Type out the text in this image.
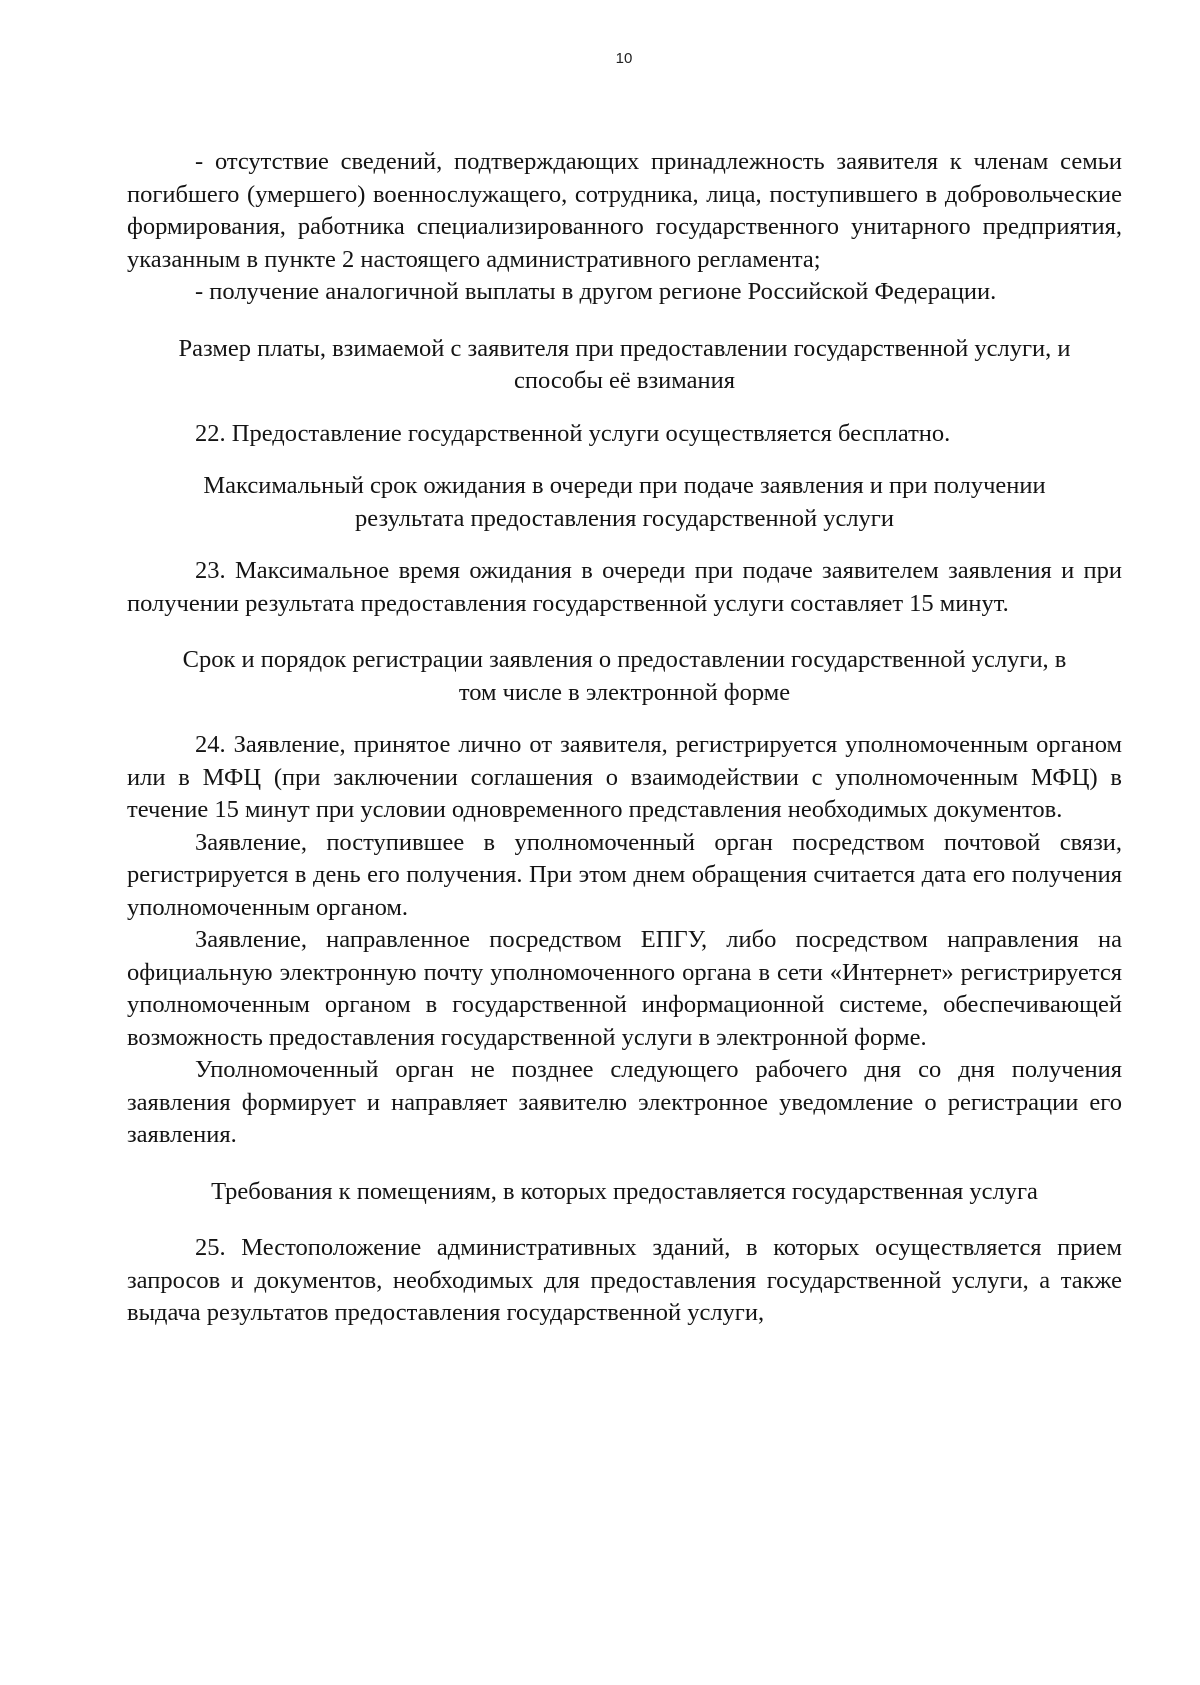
10

- отсутствие сведений, подтверждающих принадлежность заявителя к членам семьи погибшего (умершего) военнослужащего, сотрудника, лица, поступившего в добровольческие формирования, работника специализированного государственного унитарного предприятия, указанным в пункте 2 настоящего административного регламента;

- получение аналогичной выплаты в другом регионе Российской Федерации.

Размер платы, взимаемой с заявителя при предоставлении государственной услуги, и способы её взимания

22. Предоставление государственной услуги осуществляется бесплатно.

Максимальный срок ожидания в очереди при подаче заявления и при получении результата предоставления государственной услуги

23. Максимальное время ожидания в очереди при подаче заявителем заявления и при получении результата предоставления государственной услуги составляет 15 минут.

Срок и порядок регистрации заявления о предоставлении государственной услуги, в том числе в электронной форме

24. Заявление, принятое лично от заявителя, регистрируется уполномоченным органом или в МФЦ (при заключении соглашения о взаимодействии с уполномоченным МФЦ) в течение 15 минут при условии одновременного представления необходимых документов.

Заявление, поступившее в уполномоченный орган посредством почтовой связи, регистрируется в день его получения. При этом днем обращения считается дата его получения уполномоченным органом.

Заявление, направленное посредством ЕПГУ, либо посредством направления на официальную электронную почту уполномоченного органа в сети «Интернет» регистрируется уполномоченным органом в государственной информационной системе, обеспечивающей возможность предоставления государственной услуги в электронной форме.

Уполномоченный орган не позднее следующего рабочего дня со дня получения заявления формирует и направляет заявителю электронное уведомление о регистрации его заявления.

Требования к помещениям, в которых предоставляется государственная услуга

25. Местоположение административных зданий, в которых осуществляется прием запросов и документов, необходимых для предоставления государственной услуги, а также выдача результатов предоставления государственной услуги,
